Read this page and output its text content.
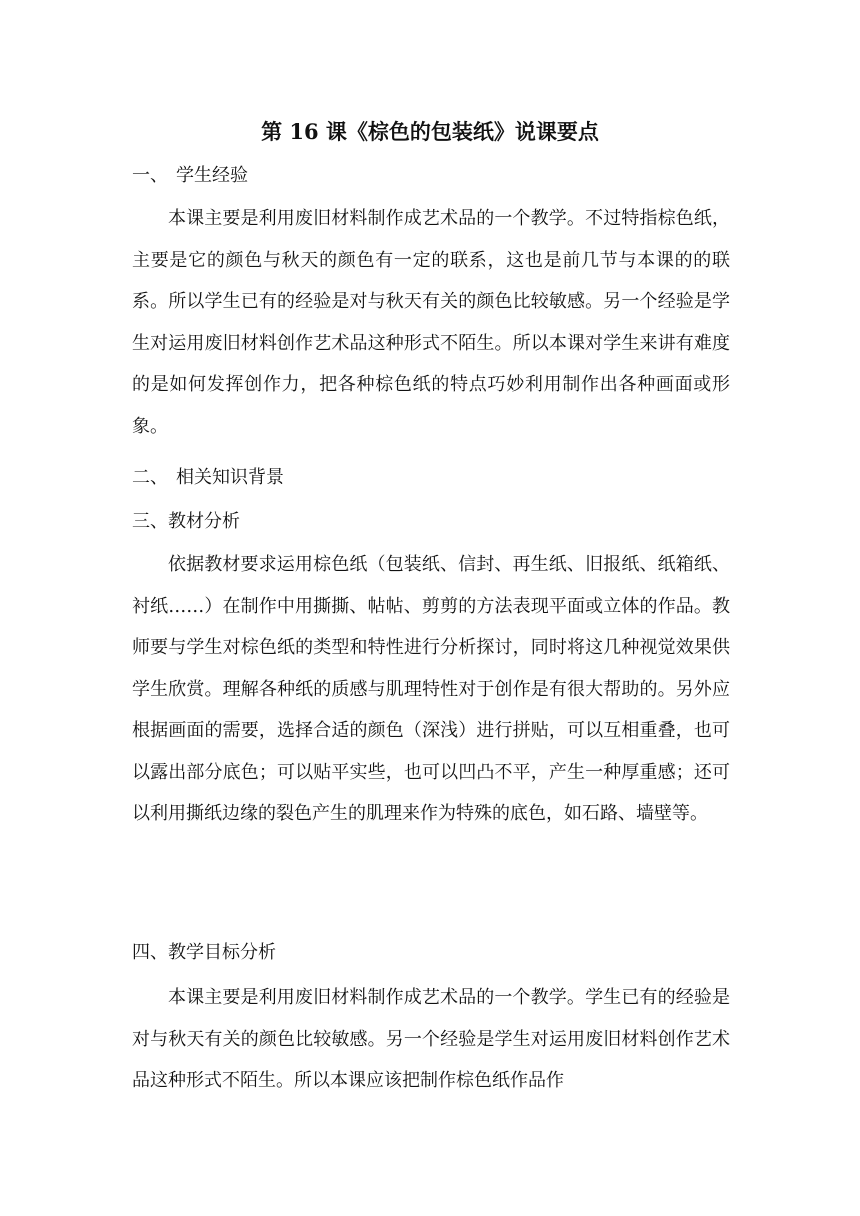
第 16 课《棕色的包装纸》说课要点
一、 学生经验
本课主要是利用废旧材料制作成艺术品的一个教学。不过特指棕色纸，主要是它的颜色与秋天的颜色有一定的联系，这也是前几节与本课的的联系。所以学生已有的经验是对与秋天有关的颜色比较敏感。另一个经验是学生对运用废旧材料创作艺术品这种形式不陌生。所以本课对学生来讲有难度的是如何发挥创作力，把各种棕色纸的特点巧妙利用制作出各种画面或形象。
二、 相关知识背景
三、教材分析
依据教材要求运用棕色纸（包装纸、信封、再生纸、旧报纸、纸箱纸、衬纸……）在制作中用撕撕、帖帖、剪剪的方法表现平面或立体的作品。教师要与学生对棕色纸的类型和特性进行分析探讨，同时将这几种视觉效果供学生欣赏。理解各种纸的质感与肌理特性对于创作是有很大帮助的。另外应根据画面的需要，选择合适的颜色（深浅）进行拼贴，可以互相重叠，也可以露出部分底色；可以贴平实些，也可以凹凸不平，产生一种厚重感；还可以利用撕纸边缘的裂色产生的肌理来作为特殊的底色，如石路、墙壁等。
四、教学目标分析
本课主要是利用废旧材料制作成艺术品的一个教学。学生已有的经验是对与秋天有关的颜色比较敏感。另一个经验是学生对运用废旧材料创作艺术品这种形式不陌生。所以本课应该把制作棕色纸作品作
